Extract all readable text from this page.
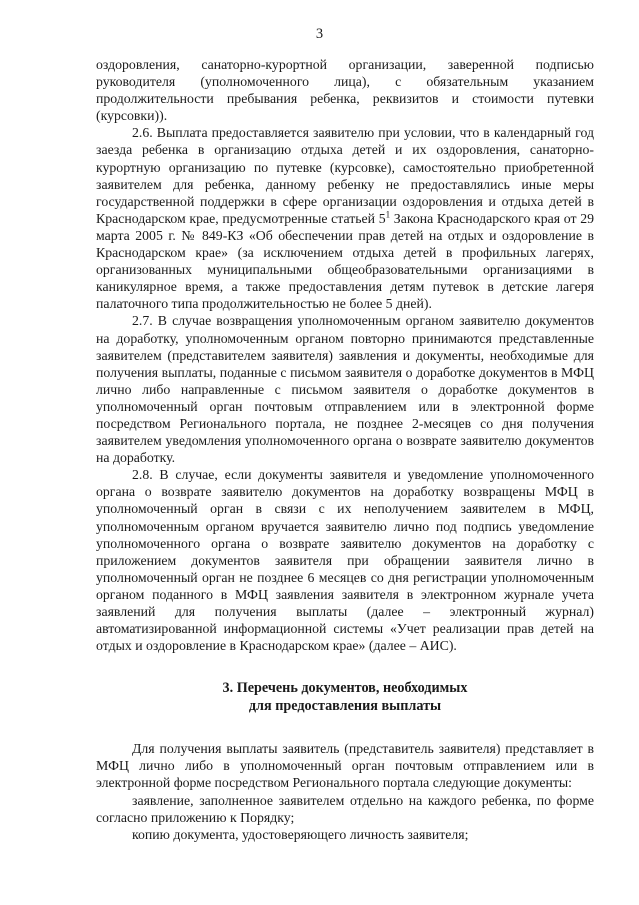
3

оздоровления, санаторно-курортной организации, заверенной подписью руководителя (уполномоченного лица), с обязательным указанием продолжительности пребывания ребенка, реквизитов и стоимости путевки (курсовки)).

2.6. Выплата предоставляется заявителю при условии, что в календарный год заезда ребенка в организацию отдыха детей и их оздоровления, санаторно-курортную организацию по путевке (курсовке), самостоятельно приобретенной заявителем для ребенка, данному ребенку не предоставлялись иные меры государственной поддержки в сфере организации оздоровления и отдыха детей в Краснодарском крае, предусмотренные статьей $5^1$ Закона Краснодарского края от 29 марта 2005 г. № 849-КЗ «Об обеспечении прав детей на отдых и оздоровление в Краснодарском крае» (за исключением отдыха детей в профильных лагерях, организованных муниципальными общеобразовательными организациями в каникулярное время, а также предоставления детям путевок в детские лагеря палаточного типа продолжительностью не более 5 дней).

2.7. В случае возвращения уполномоченным органом заявителю документов на доработку, уполномоченным органом повторно принимаются представленные заявителем (представителем заявителя) заявления и документы, необходимые для получения выплаты, поданные с письмом заявителя о доработке документов в МФЦ лично либо направленные с письмом заявителя о доработке документов в уполномоченный орган почтовым отправлением или в электронной форме посредством Регионального портала, не позднее 2-месяцев со дня получения заявителем уведомления уполномоченного органа о возврате заявителю документов на доработку.

2.8. В случае, если документы заявителя и уведомление уполномоченного органа о возврате заявителю документов на доработку возвращены МФЦ в уполномоченный орган в связи с их неполучением заявителем в МФЦ, уполномоченным органом вручается заявителю лично под подпись уведомление уполномоченного органа о возврате заявителю документов на доработку с приложением документов заявителя при обращении заявителя лично в уполномоченный орган не позднее 6 месяцев со дня регистрации уполномоченным органом поданного в МФЦ заявления заявителя в электронном журнале учета заявлений для получения выплаты (далее – электронный журнал) автоматизированной информационной системы «Учет реализации прав детей на отдых и оздоровление в Краснодарском крае» (далее – АИС).

3. Перечень документов, необходимых
для предоставления выплаты

Для получения выплаты заявитель (представитель заявителя) представляет в МФЦ лично либо в уполномоченный орган почтовым отправлением или в электронной форме посредством Регионального портала следующие документы:

заявление, заполненное заявителем отдельно на каждого ребенка, по форме согласно приложению к Порядку;

копию документа, удостоверяющего личность заявителя;
